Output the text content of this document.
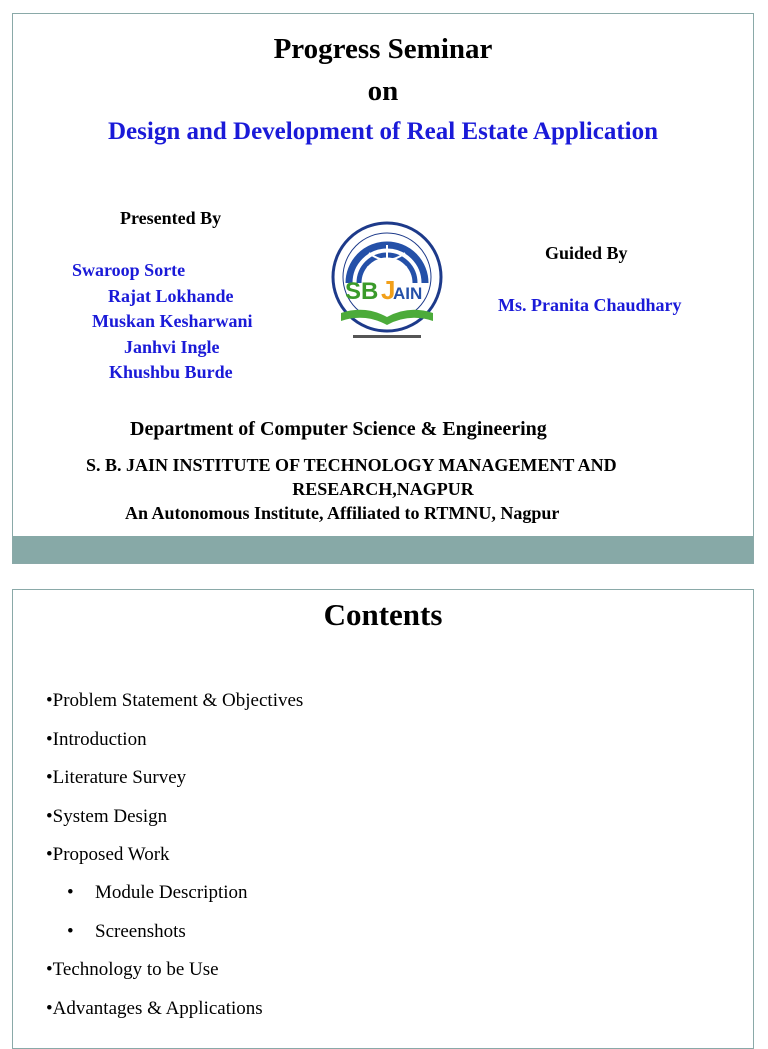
Progress Seminar
on
Design and Development of Real Estate Application
Presented By
Swaroop Sorte
Rajat Lokhande
Muskan Kesharwani
Janhvi Ingle
Khushbu Burde
SB J
AIN
Guided By
Ms. Pranita Chaudhary
Department of Computer Science & Engineering
S. B. JAIN INSTITUTE OF TECHNOLOGY MANAGEMENT AND
RESEARCH,NAGPUR
An Autonomous Institute, Affiliated to RTMNU, Nagpur
Contents
•Problem Statement & Objectives
•Introduction
•Literature Survey
•System Design
•Proposed Work
• Module Description
• Screenshots
•Technology to be Use
•Advantages & Applications
